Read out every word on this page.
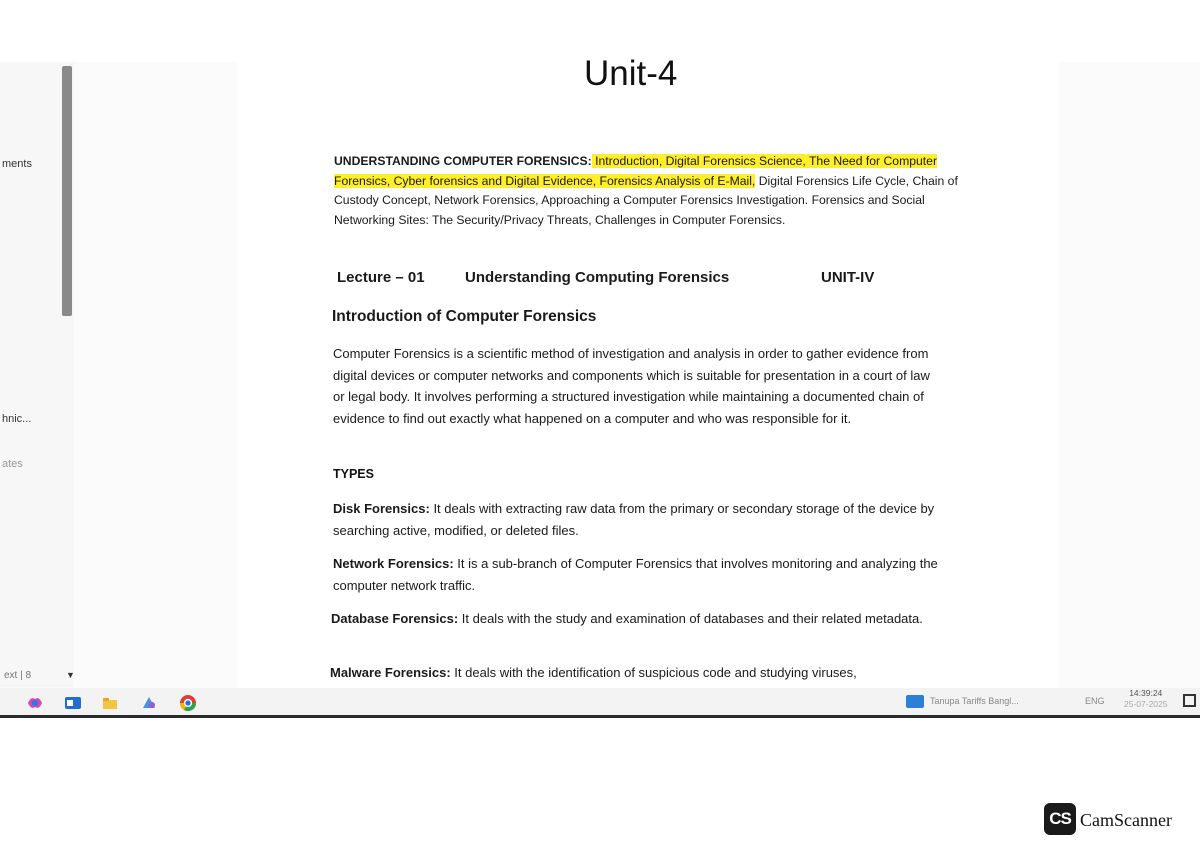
ments
hnic...
ates
Unit-4
UNDERSTANDING COMPUTER FORENSICS: Introduction, Digital Forensics Science, The Need for Computer Forensics, Cyber forensics and Digital Evidence, Forensics Analysis of E-Mail, Digital Forensics Life Cycle, Chain of Custody Concept, Network Forensics, Approaching a Computer Forensics Investigation. Forensics and Social Networking Sites: The Security/Privacy Threats, Challenges in Computer Forensics.
Lecture – 01	Understanding Computing Forensics	UNIT-IV
Introduction of Computer Forensics
Computer Forensics is a scientific method of investigation and analysis in order to gather evidence from digital devices or computer networks and components which is suitable for presentation in a court of law or legal body. It involves performing a structured investigation while maintaining a documented chain of evidence to find out exactly what happened on a computer and who was responsible for it.
TYPES
Disk Forensics: It deals with extracting raw data from the primary or secondary storage of the device by searching active, modified, or deleted files.
Network Forensics: It is a sub-branch of Computer Forensics that involves monitoring and analyzing the computer network traffic.
Database Forensics: It deals with the study and examination of databases and their related metadata.
Malware Forensics: It deals with the identification of suspicious code and studying viruses,
ext | 8	▼
Tanupa Tariffs Bangl...	ENG
14:39:24
25-07-2025
CS CamScanner
